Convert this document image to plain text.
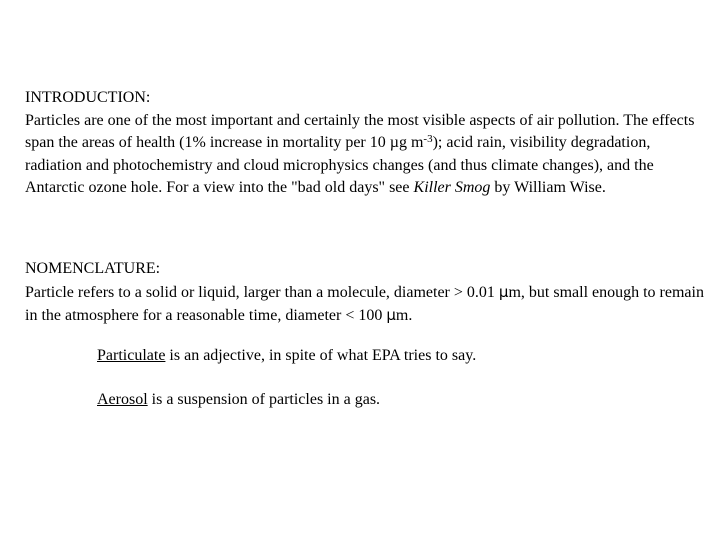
INTRODUCTION:

Particles are one of the most important and certainly the most visible aspects of air pollution. The effects span the areas of health (1% increase in mortality per 10 µg $m^{-3}$); acid rain, visibility degradation, radiation and photochemistry and cloud microphysics changes (and thus climate changes), and the Antarctic ozone hole. For a view into the "bad old days" see Killer Smog by William Wise.

NOMENCLATURE:

Particle refers to a solid or liquid, larger than a molecule, diameter > 0.01 µm, but small enough to remain in the atmosphere for a reasonable time, diameter < 100 µm.

Particulate is an adjective, in spite of what EPA tries to say.
Aerosol is a suspension of particles in a gas.
